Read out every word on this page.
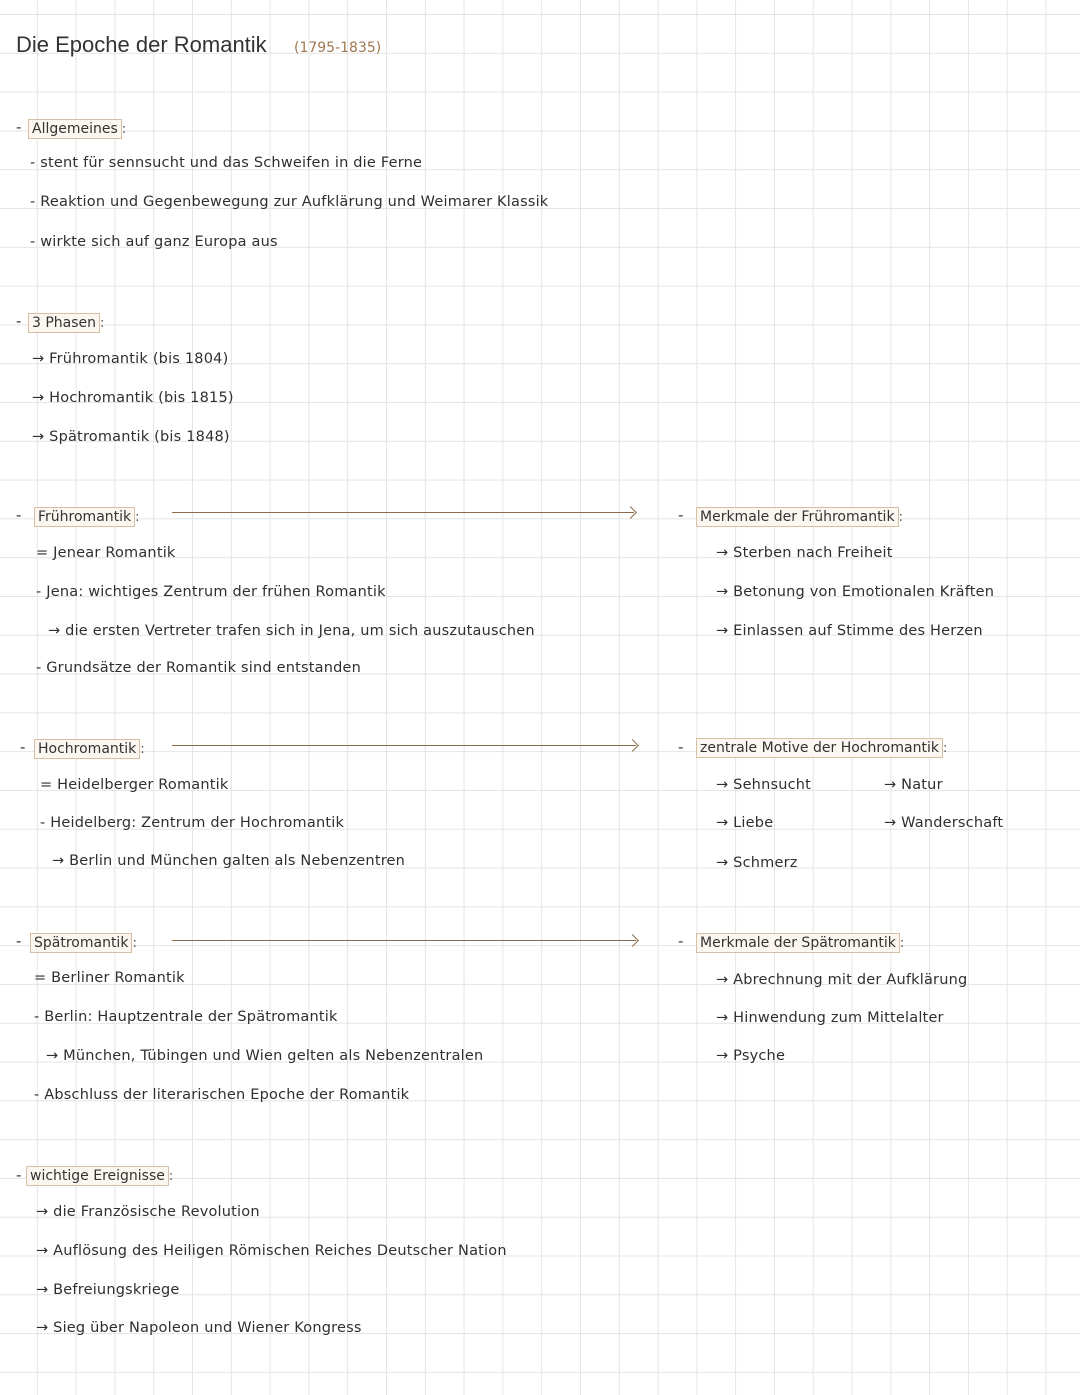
Die Epoche der Romantik (1795-1835)
- Allgemeines :
- stent für sennsucht und das Schweifen in die Ferne
- Reaktion und Gegenbewegung zur Aufklärung und Weimarer Klassik
- wirkte sich auf ganz Europa aus
- 3 Phasen :
→ Frühromantik (bis 1804)
→ Hochromantik (bis 1815)
→ Spätromantik (bis 1848)
- Frühromantik :
= Jenear Romantik
- Jena: wichtiges Zentrum der frühen Romantik
→ die ersten Vertreter trafen sich in Jena, um sich auszutauschen
- Grundsätze der Romantik sind entstanden
- Merkmale der Frühromantik :
→ Sterben nach Freiheit
→ Betonung von Emotionalen Kräften
→ Einlassen auf Stimme des Herzen
- Hochromantik :
= Heidelberger Romantik
- Heidelberg: Zentrum der Hochromantik
→ Berlin und München galten als Nebenzentren
- zentrale Motive der Hochromantik :
→ Sehnsucht
→ Liebe
→ Schmerz
→ Natur
→ Wanderschaft
- Spätromantik :
= Berliner Romantik
- Berlin: Hauptzentrale der Spätromantik
→ München, Tübingen und Wien gelten als Nebenzentralen
- Abschluss der literarischen Epoche der Romantik
- Merkmale der Spätromantik :
→ Abrechnung mit der Aufklärung
→ Hinwendung zum Mittelalter
→ Psyche
- wichtige Ereignisse :
→ die Französische Revolution
→ Auflösung des Heiligen Römischen Reiches Deutscher Nation
→ Befreiungskriege
→ Sieg über Napoleon und Wiener Kongress
